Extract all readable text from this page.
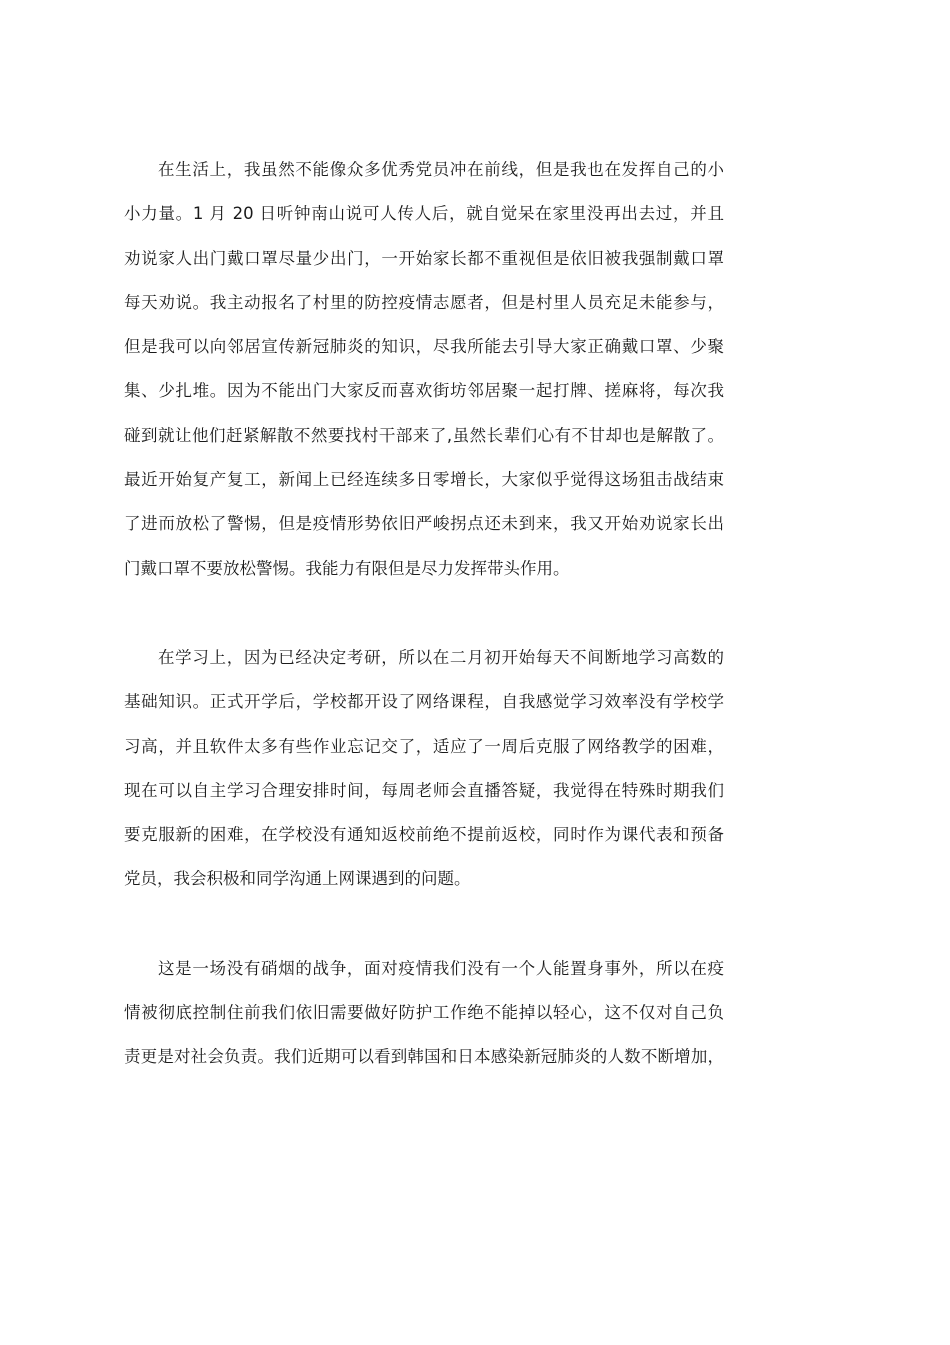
在生活上，我虽然不能像众多优秀党员冲在前线，但是我也在发挥自己的小
小力量。1 月 20 日听钟南山说可人传人后，就自觉呆在家里没再出去过，并且
劝说家人出门戴口罩尽量少出门，一开始家长都不重视但是依旧被我强制戴口罩
每天劝说。我主动报名了村里的防控疫情志愿者，但是村里人员充足未能参与，
但是我可以向邻居宣传新冠肺炎的知识，尽我所能去引导大家正确戴口罩、少聚
集、少扎堆。因为不能出门大家反而喜欢街坊邻居聚一起打牌、搓麻将，每次我
碰到就让他们赶紧解散不然要找村干部来了,虽然长辈们心有不甘却也是解散了。
最近开始复产复工，新闻上已经连续多日零增长，大家似乎觉得这场狙击战结束
了进而放松了警惕，但是疫情形势依旧严峻拐点还未到来，我又开始劝说家长出
门戴口罩不要放松警惕。我能力有限但是尽力发挥带头作用。
在学习上，因为已经决定考研，所以在二月初开始每天不间断地学习高数的
基础知识。正式开学后，学校都开设了网络课程，自我感觉学习效率没有学校学
习高，并且软件太多有些作业忘记交了，适应了一周后克服了网络教学的困难，
现在可以自主学习合理安排时间，每周老师会直播答疑，我觉得在特殊时期我们
要克服新的困难，在学校没有通知返校前绝不提前返校，同时作为课代表和预备
党员，我会积极和同学沟通上网课遇到的问题。
这是一场没有硝烟的战争，面对疫情我们没有一个人能置身事外，所以在疫
情被彻底控制住前我们依旧需要做好防护工作绝不能掉以轻心，这不仅对自己负
责更是对社会负责。我们近期可以看到韩国和日本感染新冠肺炎的人数不断增加，
